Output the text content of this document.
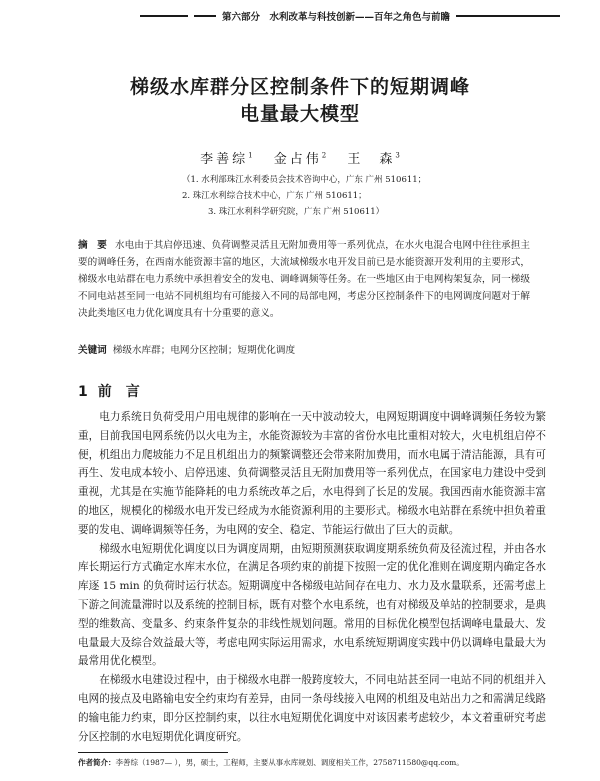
第六部分　水利改革与科技创新——百年之角色与前瞻
梯级水库群分区控制条件下的短期调峰
电量最大模型
李善综$^1$ 金占伟$^2$ 王　森$^3$
（1. 水利部珠江水利委员会技术咨询中心，广东 广州 510611；
2. 珠江水利综合技术中心，广东 广州 510611；
3. 珠江水利科学研究院，广东 广州 510611）
摘　要 水电由于其启停迅速、负荷调整灵活且无附加费用等一系列优点，在水火电混合电网中往往承担主要的调峰任务，在西南水能资源丰富的地区，大流域梯级水电开发目前已是水能资源开发利用的主要形式，梯级水电站群在电力系统中承担着安全的发电、调峰调频等任务。在一些地区由于电网构架复杂，同一梯级不同电站甚至同一电站不同机组均有可能接入不同的局部电网，考虑分区控制条件下的电网调度问题对于解决此类地区电力优化调度具有十分重要的意义。
关键词 梯级水库群；电网分区控制；短期优化调度
1 前　言

电力系统日负荷受用户用电规律的影响在一天中波动较大，电网短期调度中调峰调频任务较为繁重，目前我国电网系统仍以火电为主，水能资源较为丰富的省份水电比重相对较大，火电机组启停不便，机组出力爬坡能力不足且机组出力的频繁调整还会带来附加费用，而水电属于清洁能源，具有可再生、发电成本较小、启停迅速、负荷调整灵活且无附加费用等一系列优点，在国家电力建设中受到重视，尤其是在实施节能降耗的电力系统改革之后，水电得到了长足的发展。我国西南水能资源丰富的地区，规模化的梯级水电开发已经成为水能资源利用的主要形式。梯级水电站群在系统中担负着重要的发电、调峰调频等任务，为电网的安全、稳定、节能运行做出了巨大的贡献。

梯级水电短期优化调度以日为调度周期，由短期预测获取调度期系统负荷及径流过程，并由各水库长期运行方式确定水库末水位，在满足各项约束的前提下按照一定的优化准则在调度期内确定各水库逐 15 min 的负荷时运行状态。短期调度中各梯级电站间存在电力、水力及水量联系，还需考虑上下游之间流量滞时以及系统的控制目标，既有对整个水电系统，也有对梯级及单站的控制要求，是典型的维数高、变量多、约束条件复杂的非线性规划问题。常用的目标优化模型包括调峰电量最大、发电量最大及综合效益最大等，考虑电网实际运用需求，水电系统短期调度实践中仍以调峰电量最大为最常用优化模型。

在梯级水电建设过程中，由于梯级水电群一般跨度较大，不同电站甚至同一电站不同的机组并入电网的接点及电路输电安全约束均有差异，由同一条母线接入电网的机组及电站出力之和需满足线路的输电能力约束，即分区控制约束，以往水电短期优化调度中对该因素考虑较少，本文着重研究考虑分区控制的水电短期优化调度研究。

作者简介：李善综（1987— ），男，硕士，工程师，主要从事水库规划、调度相关工作，2758711580@qq.com。
